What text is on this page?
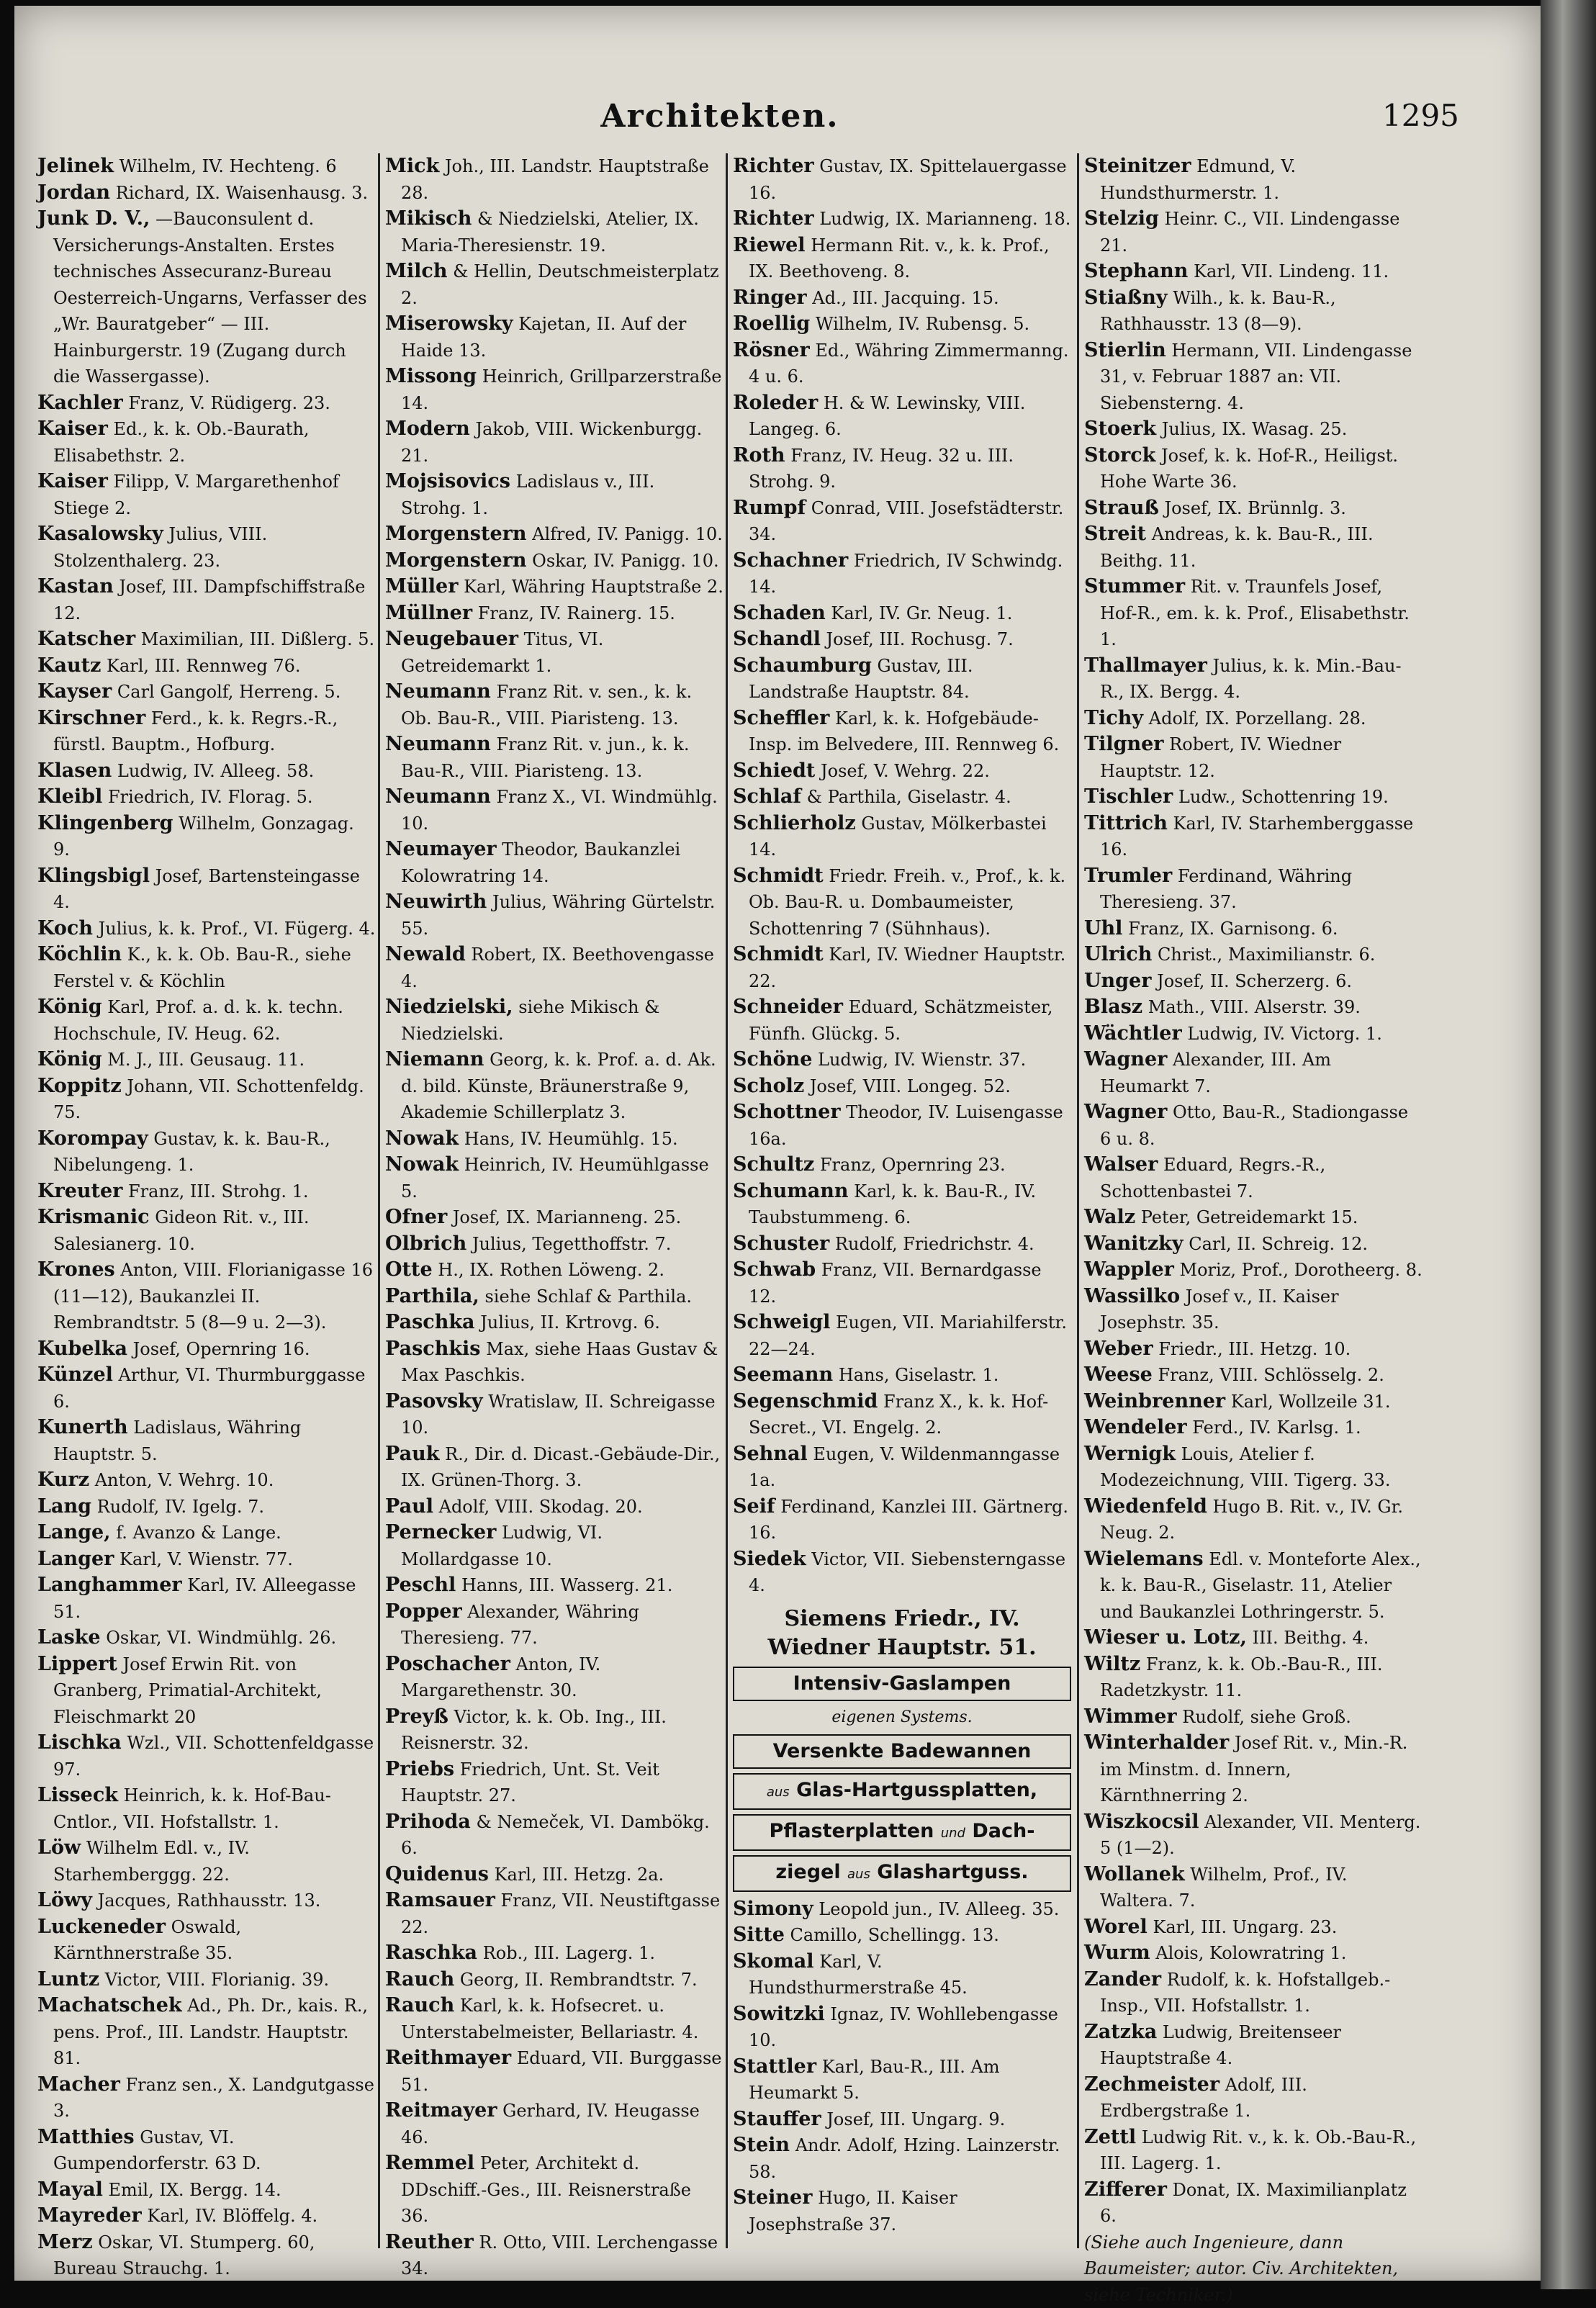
Architekten.	1295

Jelinek Wilhelm, IV. Hechteng. 6

Jordan Richard, IX. Waisenhausg. 3.

Junk D. V., —Bauconsulent d. Versicherungs-Anstalten. Erstes technisches Assecuranz-Bureau Oesterreich-Ungarns, Verfasser des „Wr. Bauratgeber“ — III. Hainburgerstr. 19 (Zugang durch die Wassergasse).

Kachler Franz, V. Rüdigerg. 23.

Kaiser Ed., k. k. Ob.-Baurath, Elisabethstr. 2.

Kaiser Filipp, V. Margarethenhof Stiege 2.

Kasalowsky Julius, VIII. Stolzenthalerg. 23.

Kastan Josef, III. Dampfschiffstraße 12.

Katscher Maximilian, III. Dißlerg. 5.

Kautz Karl, III. Rennweg 76.

Kayser Carl Gangolf, Herreng. 5.

Kirschner Ferd., k. k. Regrs.-R., fürstl. Bauptm., Hofburg.

Klasen Ludwig, IV. Alleeg. 58.

Kleibl Friedrich, IV. Florag. 5.

Klingenberg Wilhelm, Gonzagag. 9.

Klingsbigl Josef, Bartensteingasse 4.

Koch Julius, k. k. Prof., VI. Fügerg. 4.

Köchlin K., k. k. Ob. Bau-R., siehe Ferstel v. & Köchlin

König Karl, Prof. a. d. k. k. techn. Hochschule, IV. Heug. 62.

König M. J., III. Geusaug. 11.

Koppitz Johann, VII. Schottenfeldg. 75.

Korompay Gustav, k. k. Bau-R., Nibelungeng. 1.

Kreuter Franz, III. Strohg. 1.

Krismanic Gideon Rit. v., III. Salesianerg. 10.

Krones Anton, VIII. Florianigasse 16 (11—12), Baukanzlei II. Rembrandtstr. 5 (8—9 u. 2—3).

Kubelka Josef, Opernring 16.

Künzel Arthur, VI. Thurmburggasse 6.

Kunerth Ladislaus, Währing Hauptstr. 5.

Kurz Anton, V. Wehrg. 10.

Lang Rudolf, IV. Igelg. 7.

Lange, f. Avanzo & Lange.

Langer Karl, V. Wienstr. 77.

Langhammer Karl, IV. Alleegasse 51.

Laske Oskar, VI. Windmühlg. 26.

Lippert Josef Erwin Rit. von Granberg, Primatial-Architekt, Fleischmarkt 20

Lischka Wzl., VII. Schottenfeldgasse 97.

Lisseck Heinrich, k. k. Hof-Bau-Cntlor., VII. Hofstallstr. 1.

Löw Wilhelm Edl. v., IV. Starhemberggg. 22.

Löwy Jacques, Rathhausstr. 13.

Luckeneder Oswald, Kärnthnerstraße 35.

Luntz Victor, VIII. Florianig. 39.

Machatschek Ad., Ph. Dr., kais. R., pens. Prof., III. Landstr. Hauptstr. 81.

Macher Franz sen., X. Landgutgasse 3.

Matthies Gustav, VI. Gumpendorferstr. 63 D.

Mayal Emil, IX. Bergg. 14.

Mayreder Karl, IV. Blöffelg. 4.

Merz Oskar, VI. Stumperg. 60, Bureau Strauchg. 1.

Mick Joh., III. Landstr. Hauptstraße 28.

Mikisch & Niedzielski, Atelier, IX. Maria-Theresienstr. 19.

Milch & Hellin, Deutschmeisterplatz 2.

Miserowsky Kajetan, II. Auf der Haide 13.

Missong Heinrich, Grillparzerstraße 14.

Modern Jakob, VIII. Wickenburgg. 21.

Mojsisovics Ladislaus v., III. Strohg. 1.

Morgenstern Alfred, IV. Panigg. 10.

Morgenstern Oskar, IV. Panigg. 10.

Müller Karl, Währing Hauptstraße 2.

Müllner Franz, IV. Rainerg. 15.

Neugebauer Titus, VI. Getreidemarkt 1.

Neumann Franz Rit. v. sen., k. k. Ob. Bau-R., VIII. Piaristeng. 13.

Neumann Franz Rit. v. jun., k. k. Bau-R., VIII. Piaristeng. 13.

Neumann Franz X., VI. Windmühlg. 10.

Neumayer Theodor, Baukanzlei Kolowratring 14.

Neuwirth Julius, Währing Gürtelstr. 55.

Newald Robert, IX. Beethovengasse 4.

Niedzielski, siehe Mikisch & Niedzielski.

Niemann Georg, k. k. Prof. a. d. Ak. d. bild. Künste, Bräunerstraße 9, Akademie Schillerplatz 3.

Nowak Hans, IV. Heumühlg. 15.

Nowak Heinrich, IV. Heumühlgasse 5.

Ofner Josef, IX. Marianneng. 25.

Olbrich Julius, Tegetthoffstr. 7.

Otte H., IX. Rothen Löweng. 2.

Parthila, siehe Schlaf & Parthila.

Paschka Julius, II. Krtrovg. 6.

Paschkis Max, siehe Haas Gustav & Max Paschkis.

Pasovsky Wratislaw, II. Schreigasse 10.

Pauk R., Dir. d. Dicast.-Gebäude-Dir., IX. Grünen-Thorg. 3.

Paul Adolf, VIII. Skodag. 20.

Pernecker Ludwig, VI. Mollardgasse 10.

Peschl Hanns, III. Wasserg. 21.

Popper Alexander, Währing Theresieng. 77.

Poschacher Anton, IV. Margarethenstr. 30.

Preyß Victor, k. k. Ob. Ing., III. Reisnerstr. 32.

Priebs Friedrich, Unt. St. Veit Hauptstr. 27.

Prihoda & Nemeček, VI. Dambökg. 6.

Quidenus Karl, III. Hetzg. 2a.

Ramsauer Franz, VII. Neustiftgasse 22.

Raschka Rob., III. Lagerg. 1.

Rauch Georg, II. Rembrandtstr. 7.

Rauch Karl, k. k. Hofsecret. u. Unterstabelmeister, Bellariastr. 4.

Reithmayer Eduard, VII. Burggasse 51.

Reitmayer Gerhard, IV. Heugasse 46.

Remmel Peter, Architekt d. DDschiff.-Ges., III. Reisnerstraße 36.

Reuther R. Otto, VIII. Lerchengasse 34.

Richter Gustav, IX. Spittelauergasse 16.

Richter Ludwig, IX. Marianneng. 18.

Riewel Hermann Rit. v., k. k. Prof., IX. Beethoveng. 8.

Ringer Ad., III. Jacquing. 15.

Roellig Wilhelm, IV. Rubensg. 5.

Rösner Ed., Währing Zimmermanng. 4 u. 6.

Roleder H. & W. Lewinsky, VIII. Langeg. 6.

Roth Franz, IV. Heug. 32 u. III. Strohg. 9.

Rumpf Conrad, VIII. Josefstädterstr. 34.

Schachner Friedrich, IV Schwindg. 14.

Schaden Karl, IV. Gr. Neug. 1.

Schandl Josef, III. Rochusg. 7.

Schaumburg Gustav, III. Landstraße Hauptstr. 84.

Scheffler Karl, k. k. Hofgebäude-Insp. im Belvedere, III. Rennweg 6.

Schiedt Josef, V. Wehrg. 22.

Schlaf & Parthila, Giselastr. 4.

Schlierholz Gustav, Mölkerbastei 14.

Schmidt Friedr. Freih. v., Prof., k. k. Ob. Bau-R. u. Dombaumeister, Schottenring 7 (Sühnhaus).

Schmidt Karl, IV. Wiedner Hauptstr. 22.

Schneider Eduard, Schätzmeister, Fünfh. Glückg. 5.

Schöne Ludwig, IV. Wienstr. 37.

Scholz Josef, VIII. Longeg. 52.

Schottner Theodor, IV. Luisengasse 16a.

Schultz Franz, Opernring 23.

Schumann Karl, k. k. Bau-R., IV. Taubstummeng. 6.

Schuster Rudolf, Friedrichstr. 4.

Schwab Franz, VII. Bernardgasse 12.

Schweigl Eugen, VII. Mariahilferstr. 22—24.

Seemann Hans, Giselastr. 1.

Segenschmid Franz X., k. k. Hof-Secret., VI. Engelg. 2.

Sehnal Eugen, V. Wildenmanngasse 1a.

Seif Ferdinand, Kanzlei III. Gärtnerg. 16.

Siedek Victor, VII. Siebensterngasse 4.

Siemens Friedr., IV. Wiedner Hauptstr. 51.
Intensiv-Gaslampen
eigenen Systems.
Versenkte Badewannen
aus Glas-Hartgussplatten,
Pflasterplatten und Dach-
ziegel aus Glashartguss.

Simony Leopold jun., IV. Alleeg. 35.

Sitte Camillo, Schellingg. 13.

Skomal Karl, V. Hundsthurmerstraße 45.

Sowitzki Ignaz, IV. Wohllebengasse 10.

Stattler Karl, Bau-R., III. Am Heumarkt 5.

Stauffer Josef, III. Ungarg. 9.

Stein Andr. Adolf, Hzing. Lainzerstr. 58.

Steiner Hugo, II. Kaiser Josephstraße 37.

Steinitzer Edmund, V. Hundsthurmerstr. 1.

Stelzig Heinr. C., VII. Lindengasse 21.

Stephann Karl, VII. Lindeng. 11.

Stiaßny Wilh., k. k. Bau-R., Rathhausstr. 13 (8—9).

Stierlin Hermann, VII. Lindengasse 31, v. Februar 1887 an: VII. Siebensterng. 4.

Stoerk Julius, IX. Wasag. 25.

Storck Josef, k. k. Hof-R., Heiligst. Hohe Warte 36.

Strauß Josef, IX. Brünnlg. 3.

Streit Andreas, k. k. Bau-R., III. Beithg. 11.

Stummer Rit. v. Traunfels Josef, Hof-R., em. k. k. Prof., Elisabethstr. 1.

Thallmayer Julius, k. k. Min.-Bau-R., IX. Bergg. 4.

Tichy Adolf, IX. Porzellang. 28.

Tilgner Robert, IV. Wiedner Hauptstr. 12.

Tischler Ludw., Schottenring 19.

Tittrich Karl, IV. Starhemberggasse 16.

Trumler Ferdinand, Währing Theresieng. 37.

Uhl Franz, IX. Garnisong. 6.

Ulrich Christ., Maximilianstr. 6.

Unger Josef, II. Scherzerg. 6.

Blasz Math., VIII. Alserstr. 39.

Wächtler Ludwig, IV. Victorg. 1.

Wagner Alexander, III. Am Heumarkt 7.

Wagner Otto, Bau-R., Stadiongasse 6 u. 8.

Walser Eduard, Regrs.-R., Schottenbastei 7.

Walz Peter, Getreidemarkt 15.

Wanitzky Carl, II. Schreig. 12.

Wappler Moriz, Prof., Dorotheerg. 8.

Wassilko Josef v., II. Kaiser Josephstr. 35.

Weber Friedr., III. Hetzg. 10.

Weese Franz, VIII. Schlösselg. 2.

Weinbrenner Karl, Wollzeile 31.

Wendeler Ferd., IV. Karlsg. 1.

Wernigk Louis, Atelier f. Modezeichnung, VIII. Tigerg. 33.

Wiedenfeld Hugo B. Rit. v., IV. Gr. Neug. 2.

Wielemans Edl. v. Monteforte Alex., k. k. Bau-R., Giselastr. 11, Atelier und Baukanzlei Lothringerstr. 5.

Wieser u. Lotz, III. Beithg. 4.

Wiltz Franz, k. k. Ob.-Bau-R., III. Radetzkystr. 11.

Wimmer Rudolf, siehe Groß.

Winterhalder Josef Rit. v., Min.-R. im Minstm. d. Innern, Kärnthnerring 2.

Wiszkocsil Alexander, VII. Menterg. 5 (1—2).

Wollanek Wilhelm, Prof., IV. Waltera. 7.

Worel Karl, III. Ungarg. 23.

Wurm Alois, Kolowratring 1.

Zander Rudolf, k. k. Hofstallgeb.-Insp., VII. Hofstallstr. 1.

Zatzka Ludwig, Breitenseer Hauptstraße 4.

Zechmeister Adolf, III. Erdbergstraße 1.

Zettl Ludwig Rit. v., k. k. Ob.-Bau-R., III. Lagerg. 1.

Zifferer Donat, IX. Maximilianplatz 6.

(Siehe auch Ingenieure, dann Baumeister; autor. Civ. Architekten, siehe Techniker.)
